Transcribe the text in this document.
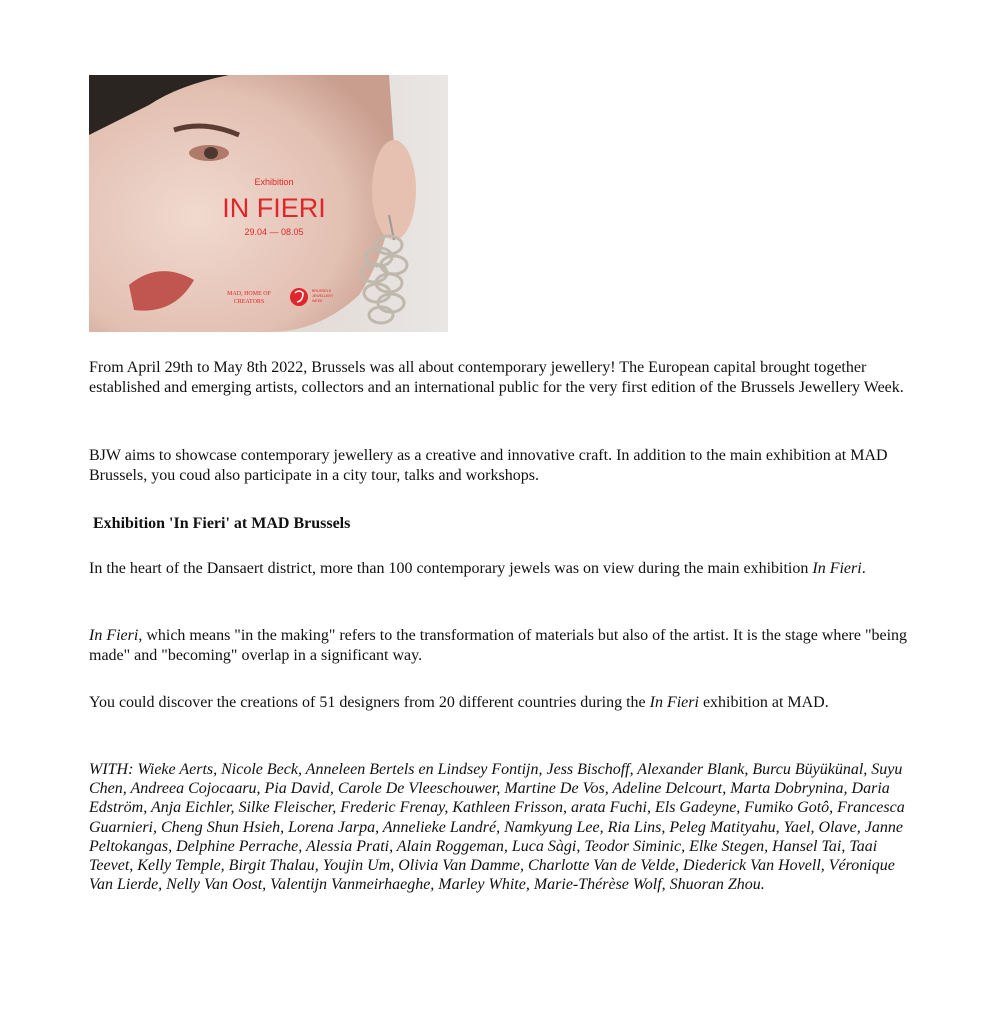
Exhibition
IN FIERI
29.04 — 08.05
MAD, HOME OF
CREATORS
BRUSSELS
JEWELLERY
WEEK

From April 29th to May 8th 2022, Brussels was all about contemporary jewellery! The European capital brought together established and emerging artists, collectors and an international public for the very first edition of the Brussels Jewellery Week.

BJW aims to showcase contemporary jewellery as a creative and innovative craft. In addition to the main exhibition at MAD Brussels, you coud also participate in a city tour, talks and workshops.

Exhibition 'In Fieri' at MAD Brussels

In the heart of the Dansaert district, more than 100 contemporary jewels was on view during the main exhibition In Fieri.

In Fieri, which means "in the making" refers to the transformation of materials but also of the artist. It is the stage where "being made" and "becoming" overlap in a significant way.

You could discover the creations of 51 designers from 20 different countries during the In Fieri exhibition at MAD.

WITH: Wieke Aerts, Nicole Beck, Anneleen Bertels en Lindsey Fontijn, Jess Bischoff, Alexander Blank, Burcu Büyükünal, Suyu Chen, Andreea Cojocaaru, Pia David, Carole De Vleeschouwer, Martine De Vos, Adeline Delcourt, Marta Dobrynina, Daria Edström, Anja Eichler, Silke Fleischer, Frederic Frenay, Kathleen Frisson, arata Fuchi, Els Gadeyne, Fumiko Gotô, Francesca Guarnieri, Cheng Shun Hsieh, Lorena Jarpa, Annelieke Landré, Namkyung Lee, Ria Lins, Peleg Matityahu, Yael, Olave, Janne Peltokangas, Delphine Perrache, Alessia Prati, Alain Roggeman, Luca Sàgi, Teodor Siminic, Elke Stegen, Hansel Tai, Taai Teevet, Kelly Temple, Birgit Thalau, Youjin Um, Olivia Van Damme, Charlotte Van de Velde, Diederick Van Hovell, Véronique Van Lierde, Nelly Van Oost, Valentijn Vanmeirhaeghe, Marley White, Marie-Thérèse Wolf, Shuoran Zhou.
